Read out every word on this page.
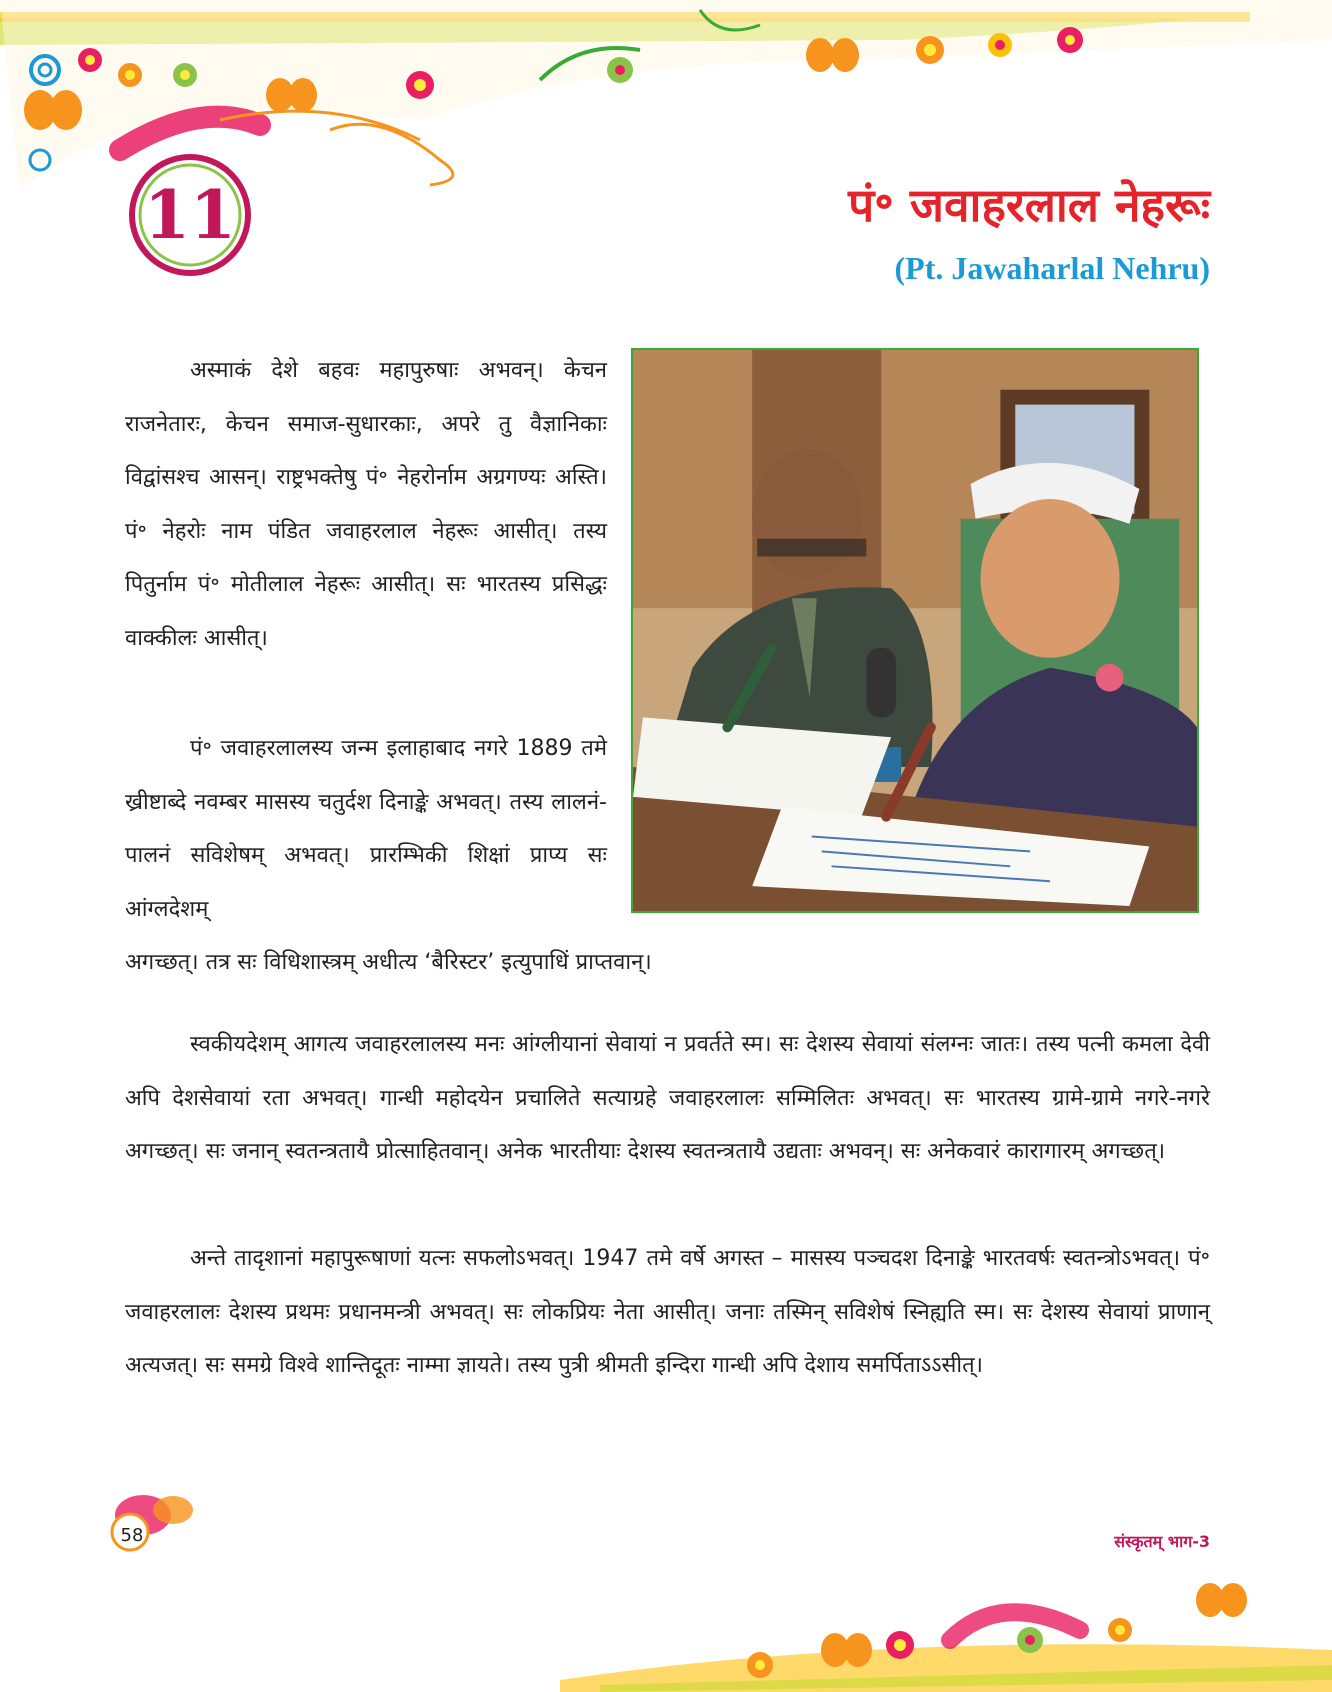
11	पं॰ जवाहरलाल नेहरूः
(Pt. Jawaharlal Nehru)
अस्माकं देशे बहवः महापुरुषाः अभवन्। केचन राजनेतारः, केचन समाज-सुधारकाः, अपरे तु वैज्ञानिकाः विद्वांसश्च आसन्। राष्ट्रभक्तेषु पं॰ नेहरोर्नाम अग्रगण्यः अस्ति। पं॰ नेहरोः नाम पंडित जवाहरलाल नेहरूः आसीत्। तस्य पितुर्नाम पं॰ मोतीलाल नेहरूः आसीत्। सः भारतस्य प्रसिद्धः वाक्कीलः आसीत्।
पं॰ जवाहरलालस्य जन्म इलाहाबाद नगरे 1889 तमे ख्रीष्टाब्दे नवम्बर मासस्य चतुर्दश दिनाङ्के अभवत्। तस्य लालनं-पालनं सविशेषम् अभवत्। प्रारम्भिकी शिक्षां प्राप्य सः आंग्लदेशम्
अगच्छत्। तत्र सः विधिशास्त्रम् अधीत्य ‘बैरिस्टर’ इत्युपाधिं प्राप्तवान्।
स्वकीयदेशम् आगत्य जवाहरलालस्य मनः आंग्लीयानां सेवायां न प्रवर्तते स्म। सः देशस्य सेवायां संलग्नः जातः। तस्य पत्नी कमला देवी अपि देशसेवायां रता अभवत्। गान्धी महोदयेन प्रचालिते सत्याग्रहे जवाहरलालः सम्मिलितः अभवत्। सः भारतस्य ग्रामे-ग्रामे नगरे-नगरे अगच्छत्। सः जनान् स्वतन्त्रतायै प्रोत्साहितवान्। अनेक भारतीयाः देशस्य स्वतन्त्रतायै उद्यताः अभवन्। सः अनेकवारं कारागारम् अगच्छत्।
अन्ते तादृशानां महापुरूषाणां यत्नः सफलोऽभवत्। 1947 तमे वर्षे अगस्त – मासस्य पञ्चदश दिनाङ्के भारतवर्षः स्वतन्त्रोऽभवत्। पं॰ जवाहरलालः देशस्य प्रथमः प्रधानमन्त्री अभवत्। सः लोकप्रियः नेता आसीत्। जनाः तस्मिन् सविशेषं स्निह्यति स्म। सः देशस्य सेवायां प्राणान् अत्यजत्। सः समग्रे विश्वे शान्तिदूतः नाम्मा ज्ञायते। तस्य पुत्री श्रीमती इन्दिरा गान्धी अपि देशाय समर्पिताऽऽसीत्।
58	संस्कृतम् भाग-3
